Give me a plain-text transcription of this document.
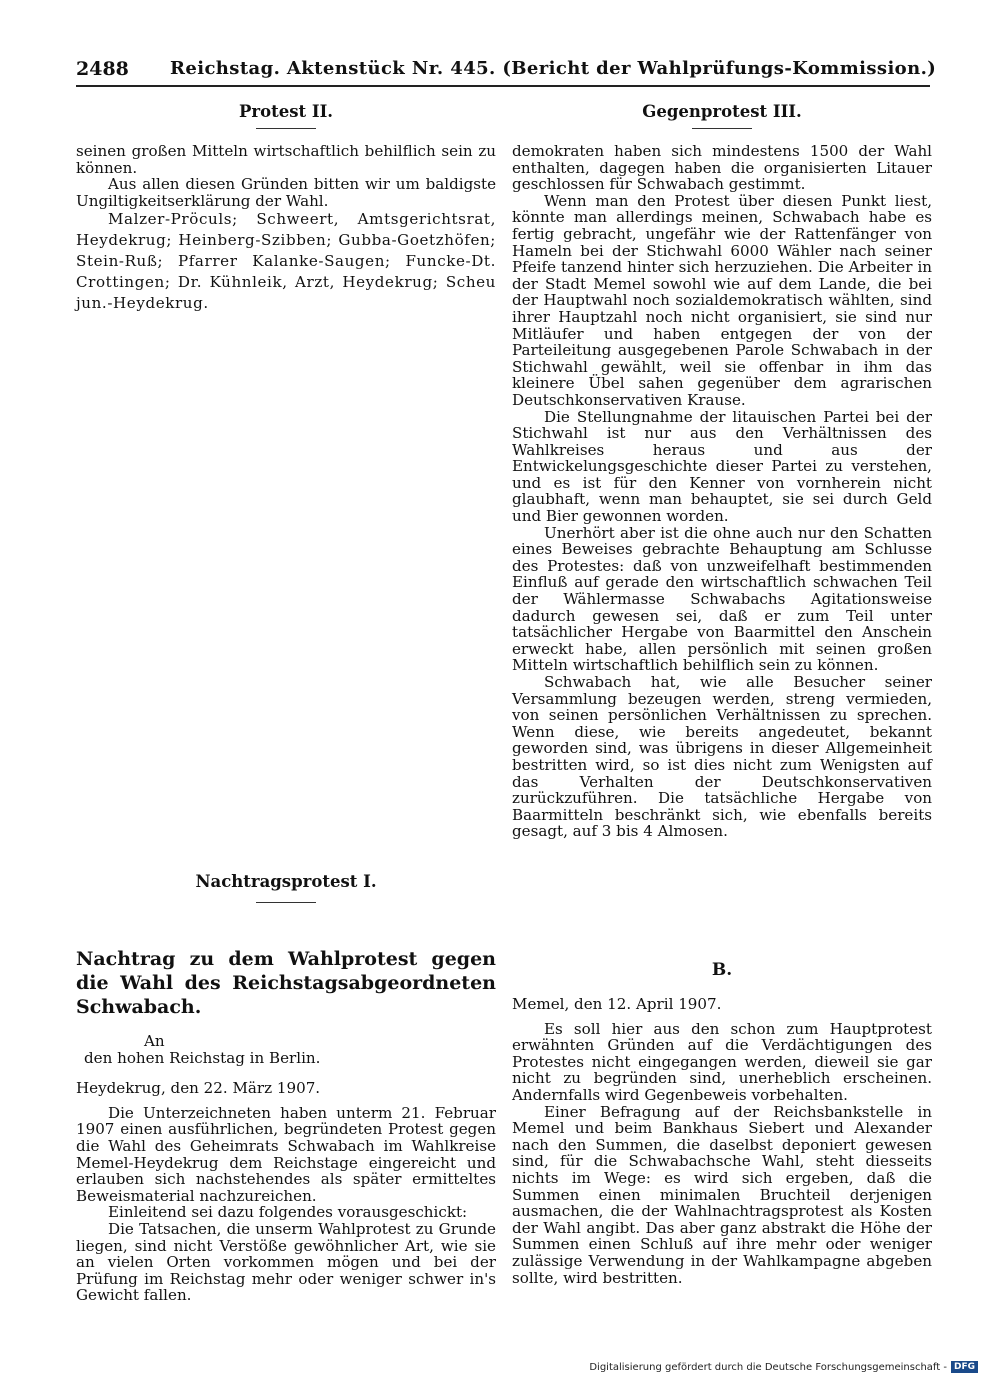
2488 Reichstag. Aktenstück Nr. 445. (Bericht der Wahlprüfungs-Kommission.)
Protest II.

seinen großen Mitteln wirtschaftlich behilflich sein zu können.

Aus allen diesen Gründen bitten wir um baldigste Ungiltigkeitserklärung der Wahl.

Malzer-Pröculs; Schweert, Amtsgerichtsrat, Heydekrug; Heinberg-Szibben; Gubba-Goetzhöfen; Stein-Ruß; Pfarrer Kalanke-Saugen; Funcke-Dt. Crottingen; Dr. Kühnleik, Arzt, Heydekrug; Scheu jun.-Heydekrug.

Nachtragsprotest I.

Nachtrag zu dem Wahlprotest gegen die Wahl des Reichstagsabgeordneten Schwabach.

An

den hohen Reichstag in Berlin.

Heydekrug, den 22. März 1907.

Die Unterzeichneten haben unterm 21. Februar 1907 einen ausführlichen, begründeten Protest gegen die Wahl des Geheimrats Schwabach im Wahlkreise Memel-Heydekrug dem Reichstage eingereicht und erlauben sich nachstehendes als später ermitteltes Beweismaterial nachzureichen.

Einleitend sei dazu folgendes vorausgeschickt:

Die Tatsachen, die unserm Wahlprotest zu Grunde liegen, sind nicht Verstöße gewöhnlicher Art, wie sie an vielen Orten vorkommen mögen und bei der Prüfung im Reichstag mehr oder weniger schwer in's Gewicht fallen.

Gegenprotest III.

demokraten haben sich mindestens 1500 der Wahl enthalten, dagegen haben die organisierten Litauer geschlossen für Schwabach gestimmt.

Wenn man den Protest über diesen Punkt liest, könnte man allerdings meinen, Schwabach habe es fertig gebracht, ungefähr wie der Rattenfänger von Hameln bei der Stichwahl 6000 Wähler nach seiner Pfeife tanzend hinter sich herzuziehen. Die Arbeiter in der Stadt Memel sowohl wie auf dem Lande, die bei der Hauptwahl noch sozialdemokratisch wählten, sind ihrer Hauptzahl noch nicht organisiert, sie sind nur Mitläufer und haben entgegen der von der Parteileitung ausgegebenen Parole Schwabach in der Stichwahl gewählt, weil sie offenbar in ihm das kleinere Übel sahen gegenüber dem agrarischen Deutschkonservativen Krause.

Die Stellungnahme der litauischen Partei bei der Stichwahl ist nur aus den Verhältnissen des Wahlkreises heraus und aus der Entwickelungsgeschichte dieser Partei zu verstehen, und es ist für den Kenner von vornherein nicht glaubhaft, wenn man behauptet, sie sei durch Geld und Bier gewonnen worden.

Unerhört aber ist die ohne auch nur den Schatten eines Beweises gebrachte Behauptung am Schlusse des Protestes: daß von unzweifelhaft bestimmenden Einfluß auf gerade den wirtschaftlich schwachen Teil der Wählermasse Schwabachs Agitationsweise dadurch gewesen sei, daß er zum Teil unter tatsächlicher Hergabe von Baarmittel den Anschein erweckt habe, allen persönlich mit seinen großen Mitteln wirtschaftlich behilflich sein zu können.

Schwabach hat, wie alle Besucher seiner Versammlung bezeugen werden, streng vermieden, von seinen persönlichen Verhältnissen zu sprechen. Wenn diese, wie bereits angedeutet, bekannt geworden sind, was übrigens in dieser Allgemeinheit bestritten wird, so ist dies nicht zum Wenigsten auf das Verhalten der Deutschkonservativen zurückzuführen. Die tatsächliche Hergabe von Baarmitteln beschränkt sich, wie ebenfalls bereits gesagt, auf 3 bis 4 Almosen.

B.

Memel, den 12. April 1907.

Es soll hier aus den schon zum Hauptprotest erwähnten Gründen auf die Verdächtigungen des Protestes nicht eingegangen werden, dieweil sie gar nicht zu begründen sind, unerheblich erscheinen. Andernfalls wird Gegenbeweis vorbehalten.

Einer Befragung auf der Reichsbankstelle in Memel und beim Bankhaus Siebert und Alexander nach den Summen, die daselbst deponiert gewesen sind, für die Schwabachsche Wahl, steht diesseits nichts im Wege: es wird sich ergeben, daß die Summen einen minimalen Bruchteil derjenigen ausmachen, die der Wahlnachtragsprotest als Kosten der Wahl angibt. Das aber ganz abstrakt die Höhe der Summen einen Schluß auf ihre mehr oder weniger zulässige Verwendung in der Wahlkampagne abgeben sollte, wird bestritten.

Digitalisierung gefördert durch die Deutsche Forschungsgemeinschaft - DFG
